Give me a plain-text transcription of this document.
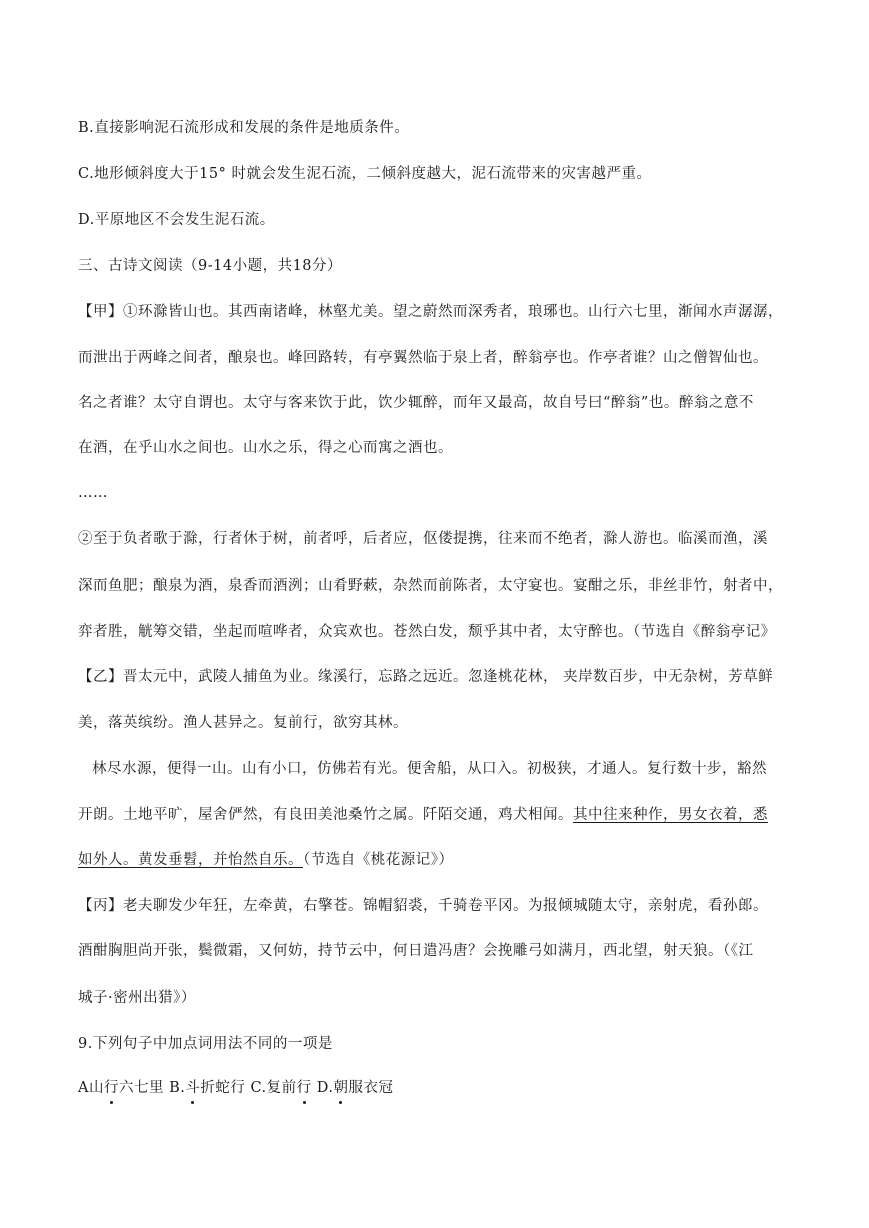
B.直接影响泥石流形成和发展的条件是地质条件。

C.地形倾斜度大于15° 时就会发生泥石流，二倾斜度越大，泥石流带来的灾害越严重。

D.平原地区不会发生泥石流。

三、古诗文阅读（9-14小题，共18分）

【甲】①环滁皆山也。其西南诸峰，林壑尤美。望之蔚然而深秀者，琅琊也。山行六七里，渐闻水声潺潺，

而泄出于两峰之间者，酿泉也。峰回路转，有亭翼然临于泉上者，醉翁亭也。作亭者谁？山之僧智仙也。

名之者谁？太守自谓也。太守与客来饮于此，饮少辄醉，而年又最高，故自号曰“醉翁”也。醉翁之意不

在酒，在乎山水之间也。山水之乐，得之心而寓之酒也。

……

②至于负者歌于滁，行者休于树，前者呼，后者应，伛偻提携，往来而不绝者，滁人游也。临溪而渔，溪

深而鱼肥；酿泉为酒，泉香而酒洌；山肴野蔌，杂然而前陈者，太守宴也。宴酣之乐，非丝非竹，射者中，

弈者胜，觥筹交错，坐起而喧哗者，众宾欢也。苍然白发，颓乎其中者，太守醉也。（节选自《醉翁亭记》

【乙】晋太元中，武陵人捕鱼为业。缘溪行，忘路之远近。忽逢桃花林， 夹岸数百步，中无杂树，芳草鲜

美，落英缤纷。渔人甚异之。复前行，欲穷其林。

林尽水源，便得一山。山有小口，仿佛若有光。便舍船，从口入。初极狭，才通人。复行数十步，豁然

开朗。土地平旷，屋舍俨然，有良田美池桑竹之属。阡陌交通，鸡犬相闻。其中往来种作，男女衣着，悉

如外人。黄发垂髫，并怡然自乐。（节选自《桃花源记》）

【丙】老夫聊发少年狂，左牵黄，右擎苍。锦帽貂裘，千骑卷平冈。为报倾城随太守，亲射虎，看孙郎。

酒酣胸胆尚开张，鬓微霜，又何妨，持节云中，何日遣冯唐？会挽雕弓如满月，西北望，射天狼。（《江

城子·密州出猎》）

9.下列句子中加点词用法不同的一项是

A山行六七里 B.斗折蛇行 C.复前行 D.朝服衣冠
